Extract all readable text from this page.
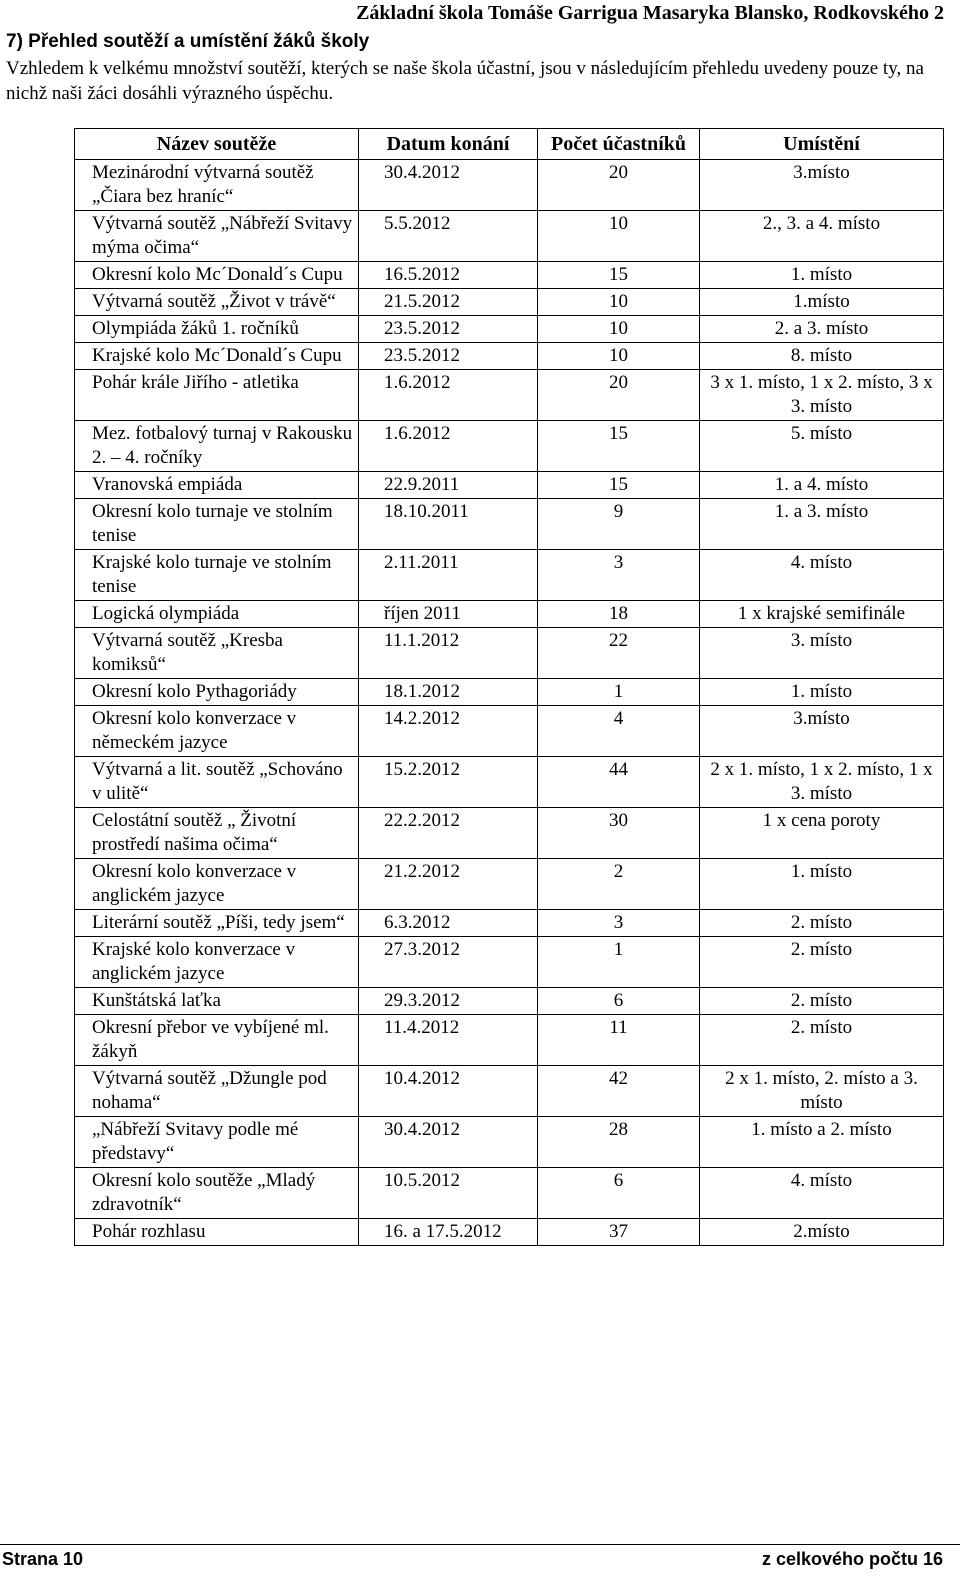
Základní škola Tomáše Garrigua Masaryka Blansko, Rodkovského 2
7) Přehled soutěží a umístění žáků školy
Vzhledem k velkému množství soutěží, kterých se naše škola účastní, jsou v následujícím přehledu uvedeny pouze ty, na nichž naši žáci dosáhli výrazného úspěchu.
Název soutěže	Datum konání	Počet účastníků	Umístění
Mezinárodní výtvarná soutěž „Čiara bez hraníc“	30.4.2012	20	3.místo
Výtvarná soutěž „Nábřeží Svitavy mýma očima“	5.5.2012	10	2., 3. a 4. místo
Okresní kolo Mc´Donald´s Cupu	16.5.2012	15	1. místo
Výtvarná soutěž „Život v trávě“	21.5.2012	10	1.místo
Olympiáda žáků 1. ročníků	23.5.2012	10	2. a 3. místo
Krajské kolo Mc´Donald´s Cupu	23.5.2012	10	8. místo
Pohár krále Jiřího - atletika	1.6.2012	20	3 x 1. místo, 1 x 2. místo, 3 x 3. místo
Mez. fotbalový turnaj v Rakousku 2. – 4. ročníky	1.6.2012	15	5. místo
Vranovská empiáda	22.9.2011	15	1. a 4. místo
Okresní kolo turnaje ve stolním tenise	18.10.2011	9	1. a 3. místo
Krajské kolo turnaje ve stolním tenise	2.11.2011	3	4. místo
Logická olympiáda	říjen 2011	18	1 x krajské semifinále
Výtvarná soutěž „Kresba komiksů“	11.1.2012	22	3. místo
Okresní kolo Pythagoriády	18.1.2012	1	1. místo
Okresní kolo konverzace v německém jazyce	14.2.2012	4	3.místo
Výtvarná a lit. soutěž „Schováno v ulitě“	15.2.2012	44	2 x 1. místo, 1 x 2. místo, 1 x 3. místo
Celostátní soutěž „ Životní prostředí našima očima“	22.2.2012	30	1 x cena poroty
Okresní kolo konverzace v anglickém jazyce	21.2.2012	2	1. místo
Literární soutěž „Píši, tedy jsem“	6.3.2012	3	2. místo
Krajské kolo konverzace v anglickém jazyce	27.3.2012	1	2. místo
Kunštátská laťka	29.3.2012	6	2. místo
Okresní přebor ve vybíjené ml. žákyň	11.4.2012	11	2. místo
Výtvarná soutěž „Džungle pod nohama“	10.4.2012	42	2 x 1. místo, 2. místo a 3. místo
„Nábřeží Svitavy podle mé představy“	30.4.2012	28	1. místo a 2. místo
Okresní kolo soutěže „Mladý zdravotník“	10.5.2012	6	4. místo
Pohár rozhlasu	16. a 17.5.2012	37	2.místo
Strana 10	z celkového počtu 16
